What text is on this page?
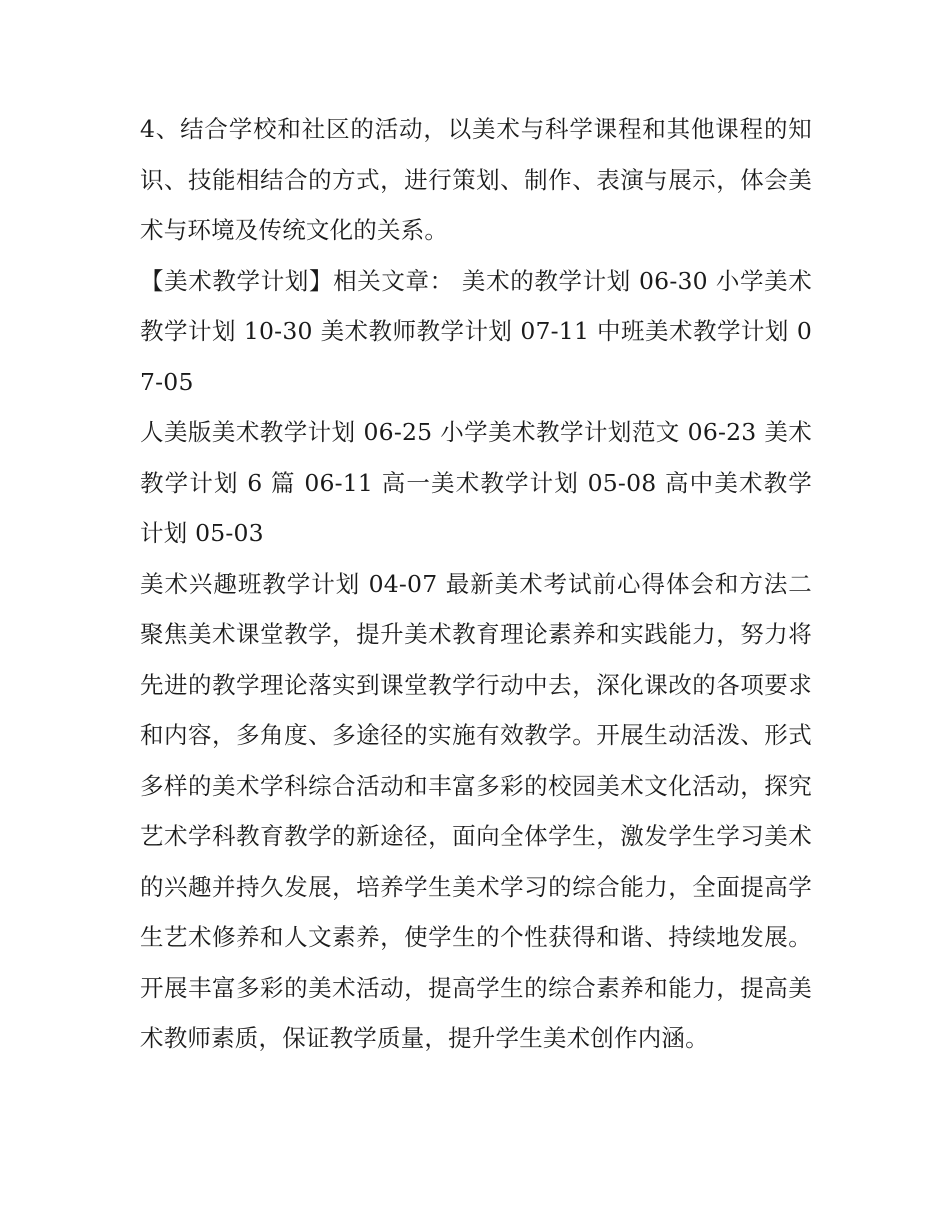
4、结合学校和社区的活动，以美术与科学课程和其他课程的知识、技能相结合的方式，进行策划、制作、表演与展示，体会美术与环境及传统文化的关系。

【美术教学计划】相关文章： 美术的教学计划 06-30 小学美术教学计划 10-30 美术教师教学计划 07-11 中班美术教学计划 07-05

人美版美术教学计划 06-25 小学美术教学计划范文 06-23 美术教学计划 6 篇 06-11 高一美术教学计划 05-08 高中美术教学计划 05-03

美术兴趣班教学计划 04-07 最新美术考试前心得体会和方法二聚焦美术课堂教学，提升美术教育理论素养和实践能力，努力将先进的教学理论落实到课堂教学行动中去，深化课改的各项要求和内容，多角度、多途径的实施有效教学。开展生动活泼、形式多样的美术学科综合活动和丰富多彩的校园美术文化活动，探究艺术学科教育教学的新途径，面向全体学生，激发学生学习美术的兴趣并持久发展，培养学生美术学习的综合能力，全面提高学生艺术修养和人文素养，使学生的个性获得和谐、持续地发展。开展丰富多彩的美术活动，提高学生的综合素养和能力，提高美术教师素质，保证教学质量，提升学生美术创作内涵。
